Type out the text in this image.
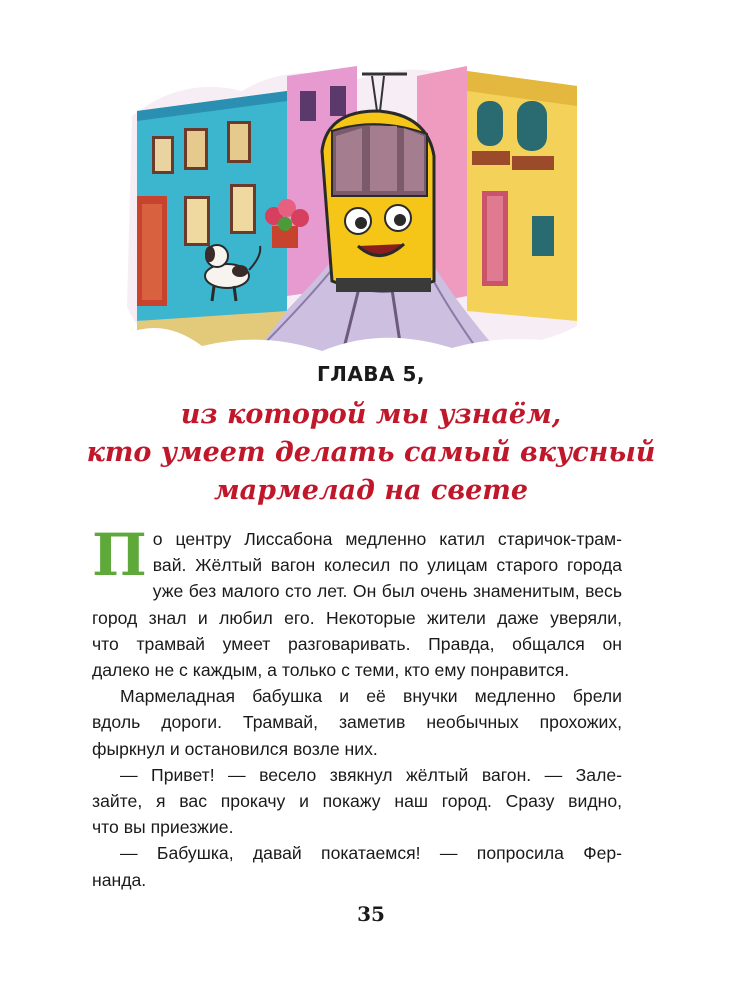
ГЛАВА 5,
из которой мы узнаём,
кто умеет делать самый вкусный
мармелад на свете
П о центру Лиссабона медленно катил старичок-трам-

вай. Жёлтый вагон колесил по улицам старого города

уже без малого сто лет. Он был очень знаменитым, весь

город знал и любил его. Некоторые жители даже уверяли,

что трамвай умеет разговаривать. Правда, общался он

далеко не с каждым, а только с теми, кто ему понравится.

Мармеладная бабушка и её внучки медленно брели

вдоль дороги. Трамвай, заметив необычных прохожих,

фыркнул и остановился возле них.

— Привет! — весело звякнул жёлтый вагон. — Зале-

зайте, я вас прокачу и покажу наш город. Сразу видно,

что вы приезжие.

— Бабушка, давай покатаемся! — попросила Фер-

нанда.

35
